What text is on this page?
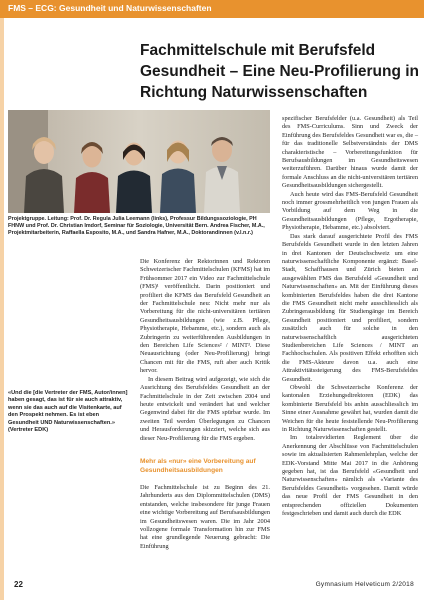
FMS – ECG: Gesundheit und Naturwissenschaften
Fachmittelschule mit Berufsfeld Gesundheit – Eine Neu-Profilierung in Richtung Naturwissenschaften

Projektgruppe. Leitung: Prof. Dr. Regula Julia Leemann (links), Professur Bildungssoziologie, PH FHNW und Prof. Dr. Christian Imdorf, Seminar für Soziologie, Universität Bern. Andrea Fischer, M.A., Projektmitarbeiterin, Raffaella Esposito, M.A., und Sandra Hafner, M.A., Doktorandinnen (v.l.n.r.)

«Und die [die Vertreter der FMS, Autor/innen] haben gesagt, das ist für sie auch attraktiv, wenn sie das auch auf die Visitenkarte, auf den Prospekt nehmen. Es ist eben Gesundheit UND Naturwissenschaften.» (Vertreter EDK)

Die Konferenz der Rektorinnen und Rektoren Schweizerischer Fachmittelschulen (KFMS) hat im Frühsommer 2017 ein Video zur Fachmittelschule (FMS)¹ veröffentlicht. Darin positioniert und profiliert die KFMS das Berufsfeld Gesundheit an der Fachmittelschule neu: Nicht mehr nur als Vorbereitung für die nicht-universitären tertiären Gesundheitsausbildungen (wie z.B. Pflege, Physiotherapie, Hebamme, etc.), sondern auch als Zubringerin zu weiterführenden Ausbildungen in den Bereichen Life Sciences² / MINT³. Diese Neuausrichtung (oder Neu-Profilierung) bringt Chancen mit für die FMS, ruft aber auch Kritik hervor.

In diesem Beitrag wird aufgezeigt, wie sich die Ausrichtung des Berufsfeldes Gesundheit an der Fachmittelschule in der Zeit zwischen 2004 und heute entwickelt und verändert hat und welcher Gegenwind dabei für die FMS spürbar wurde. Im zweiten Teil werden Überlegungen zu Chancen und Herausforderungen skizziert, welche sich aus dieser Neu-Profilierung für die FMS ergeben.

Mehr als «nur» eine Vorbereitung auf Gesundheitsausbildungen

Die Fachmittelschule ist zu Beginn des 21. Jahrhunderts aus den Diplommittelschulen (DMS) entstanden, welche insbesondere für junge Frauen eine wichtige Vorbereitung auf Berufsausbildungen im Gesundheitswesen waren. Die im Jahr 2004 vollzogene formale Transformation hin zur FMS hat eine grundlegende Neuerung gebracht: Die Einführung

spezifischer Berufsfelder (u.a. Gesundheit) als Teil des FMS-Curriculums. Sinn und Zweck der Einführung des Berufsfeldes Gesundheit war es, die – für das traditionelle Selbstverständnis der DMS charakteristische – Vorbereitungsfunktion für Berufsausbildungen im Gesundheitswesen weiterzuführen. Darüber hinaus wurde damit der formale Anschluss an die nicht-universitären tertiären Gesundheitsausbildungen sichergestellt.

Auch heute wird das FMS-Berufsfeld Gesundheit noch immer grossmehrheitlich von jungen Frauen als Vorbildung auf dem Weg in die Gesundheitsausbildungen (Pflege, Ergotherapie, Physiotherapie, Hebamme, etc.) absolviert.

Das stark darauf ausgerichtete Profil des FMS Berufsfelds Gesundheit wurde in den letzten Jahren in drei Kantonen der Deutschschweiz um eine naturwissenschaftliche Komponente ergänzt: Basel-Stadt, Schaffhausen und Zürich bieten an ausgewählten FMS das Berufsfeld «Gesundheit und Naturwissenschaften» an. Mit der Einführung dieses kombinierten Berufsfeldes haben die drei Kantone die FMS Gesundheit nicht mehr ausschliesslich als Zubringerausbildung für Studiengänge im Bereich Gesundheit positioniert und profiliert, sondern zusätzlich auch für solche in den naturwissenschaftlich ausgerichteten Studienbereichen Life Sciences / MINT an Fachhochschulen. Als positiven Effekt erhofften sich die FMS-Akteure davon u.a. auch eine Attraktivitätssteigerung des FMS-Berufsfeldes Gesundheit.

Obwohl die Schweizerische Konferenz der kantonalen Erziehungsdirektoren (EDK) das kombinierte Berufsfeld bis anhin ausschliesslich im Sinne einer Ausnahme gewährt hat, wurden damit die Weichen für die heute feststellende Neu-Profilierung in Richtung Naturwissenschaften gestellt.

Im totalrevidierten Reglement über die Anerkennung der Abschlüsse von Fachmittelschulen sowie im aktualisierten Rahmenlehrplan, welche der EDK-Vorstand Mitte Mai 2017 in die Anhörung gegeben hat, ist das Berufsfeld «Gesundheit und Naturwissenschaften» nämlich als «Variante des Berufsfeldes Gesundheit» vorgesehen. Damit würde das neue Profil der FMS Gesundheit in den entsprechenden offiziellen Dokumenten festgeschrieben und damit auch durch die EDK

22	Gymnasium Helveticum 2/2018
